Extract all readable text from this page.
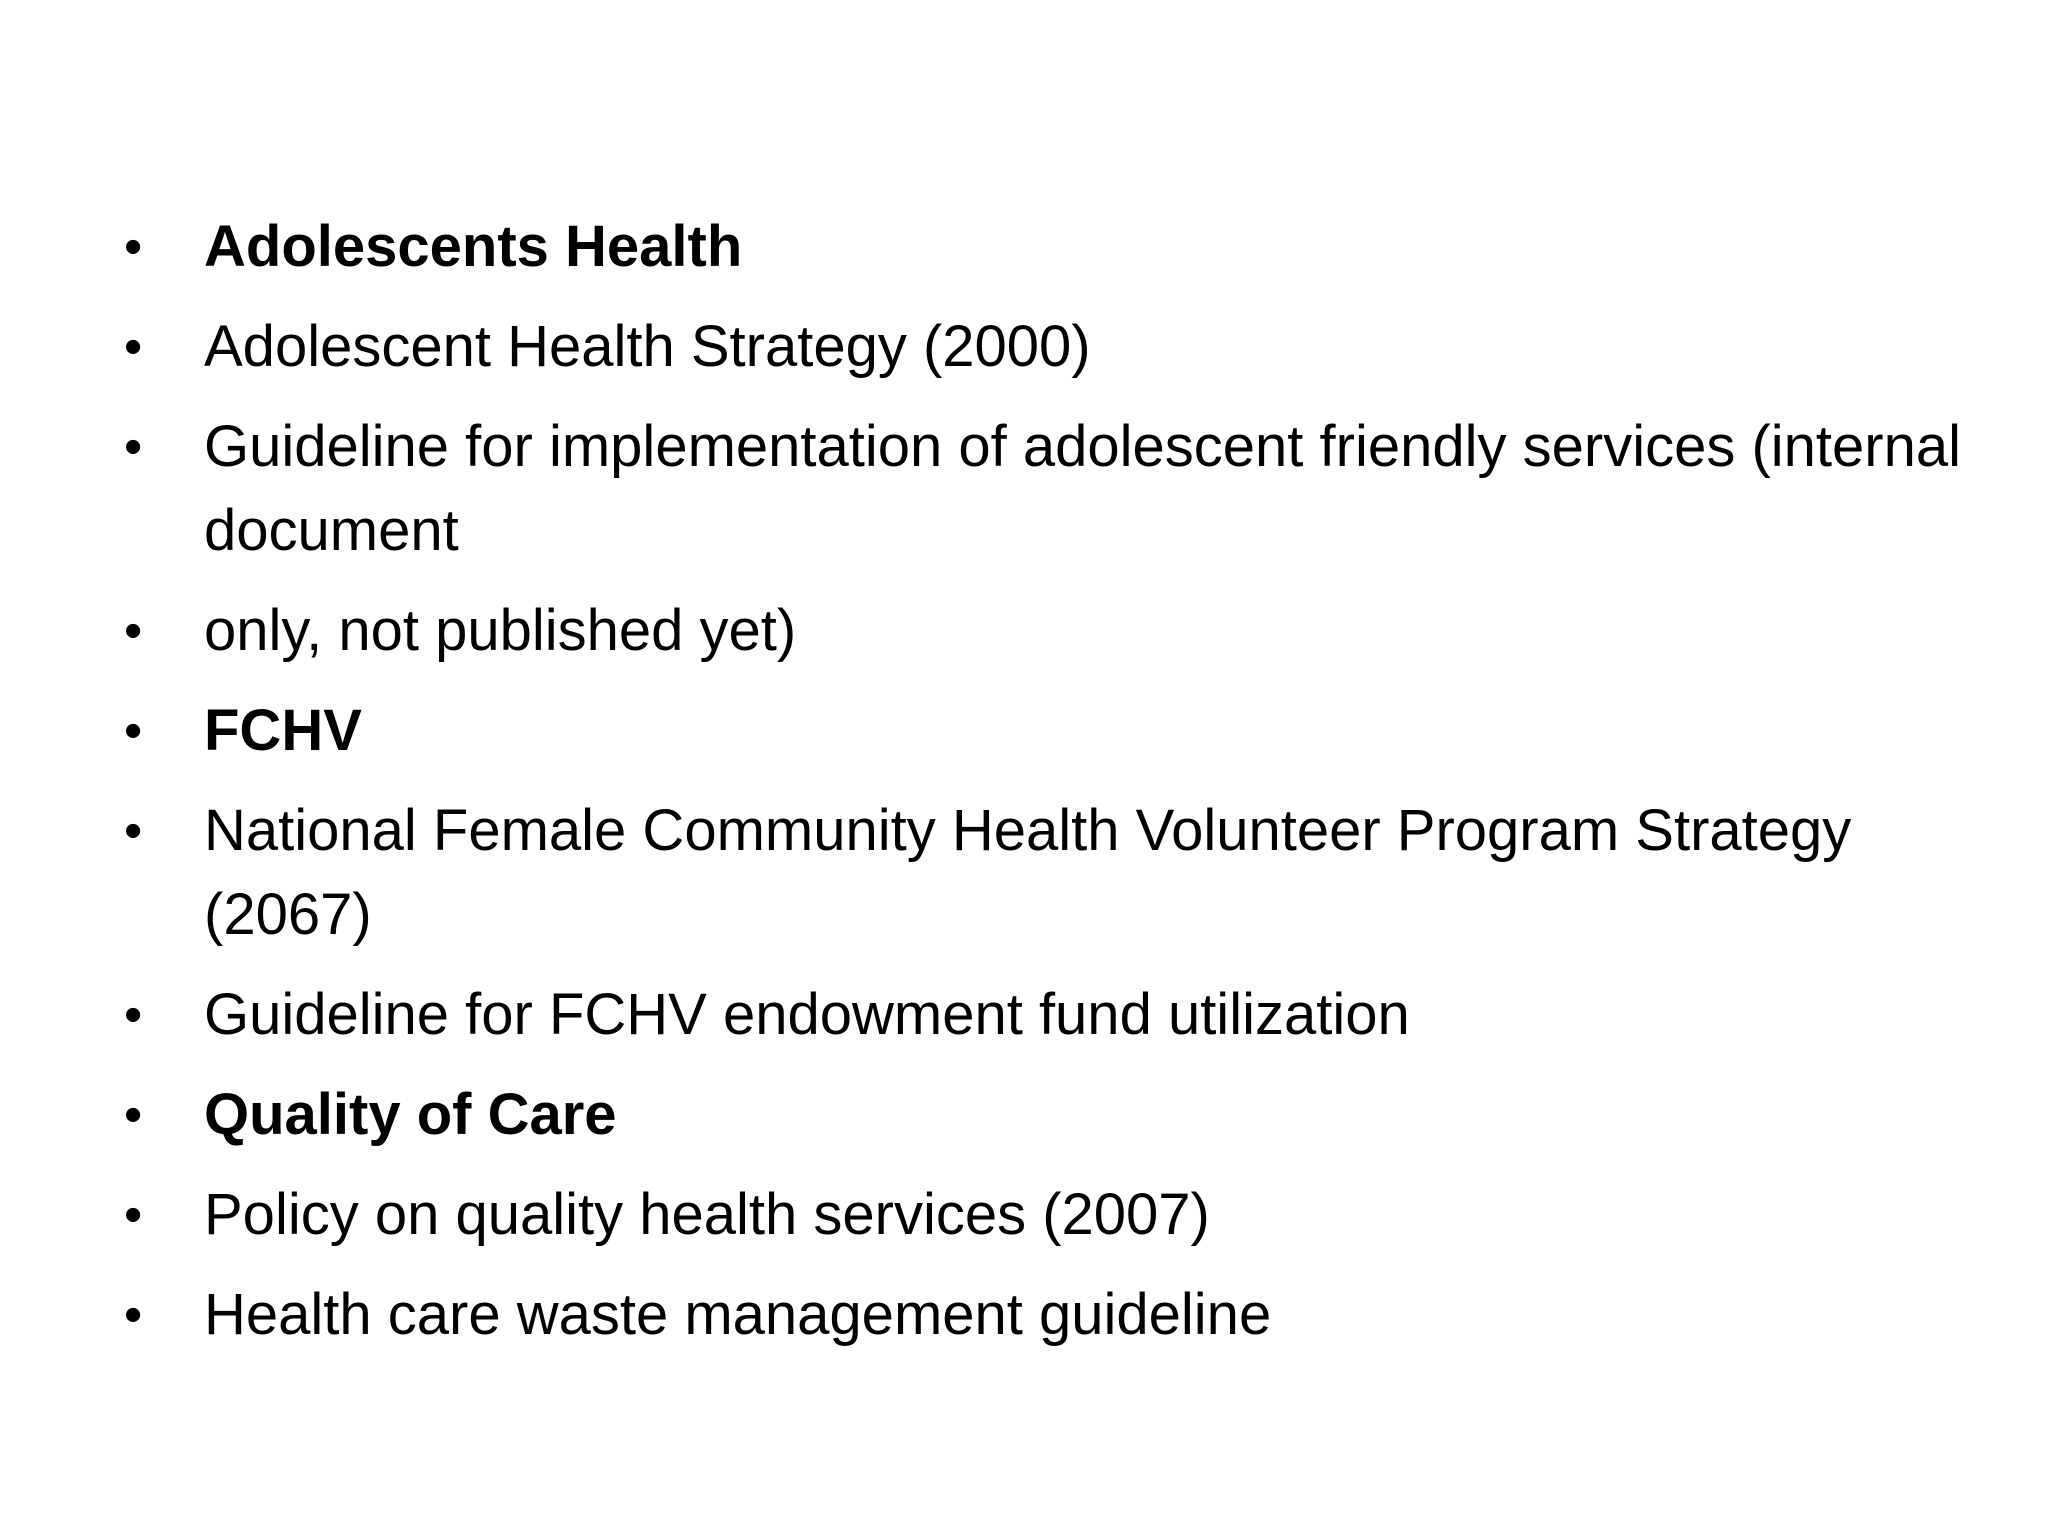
•	Adolescents Health
•	Adolescent Health Strategy (2000)
•	Guideline for implementation of adolescent friendly services (internal document
•	only, not published yet)
•	FCHV
•	National Female Community Health Volunteer Program Strategy (2067)
•	Guideline for FCHV endowment fund utilization
•	Quality of Care
•	Policy on quality health services (2007)
•	Health care waste management guideline
